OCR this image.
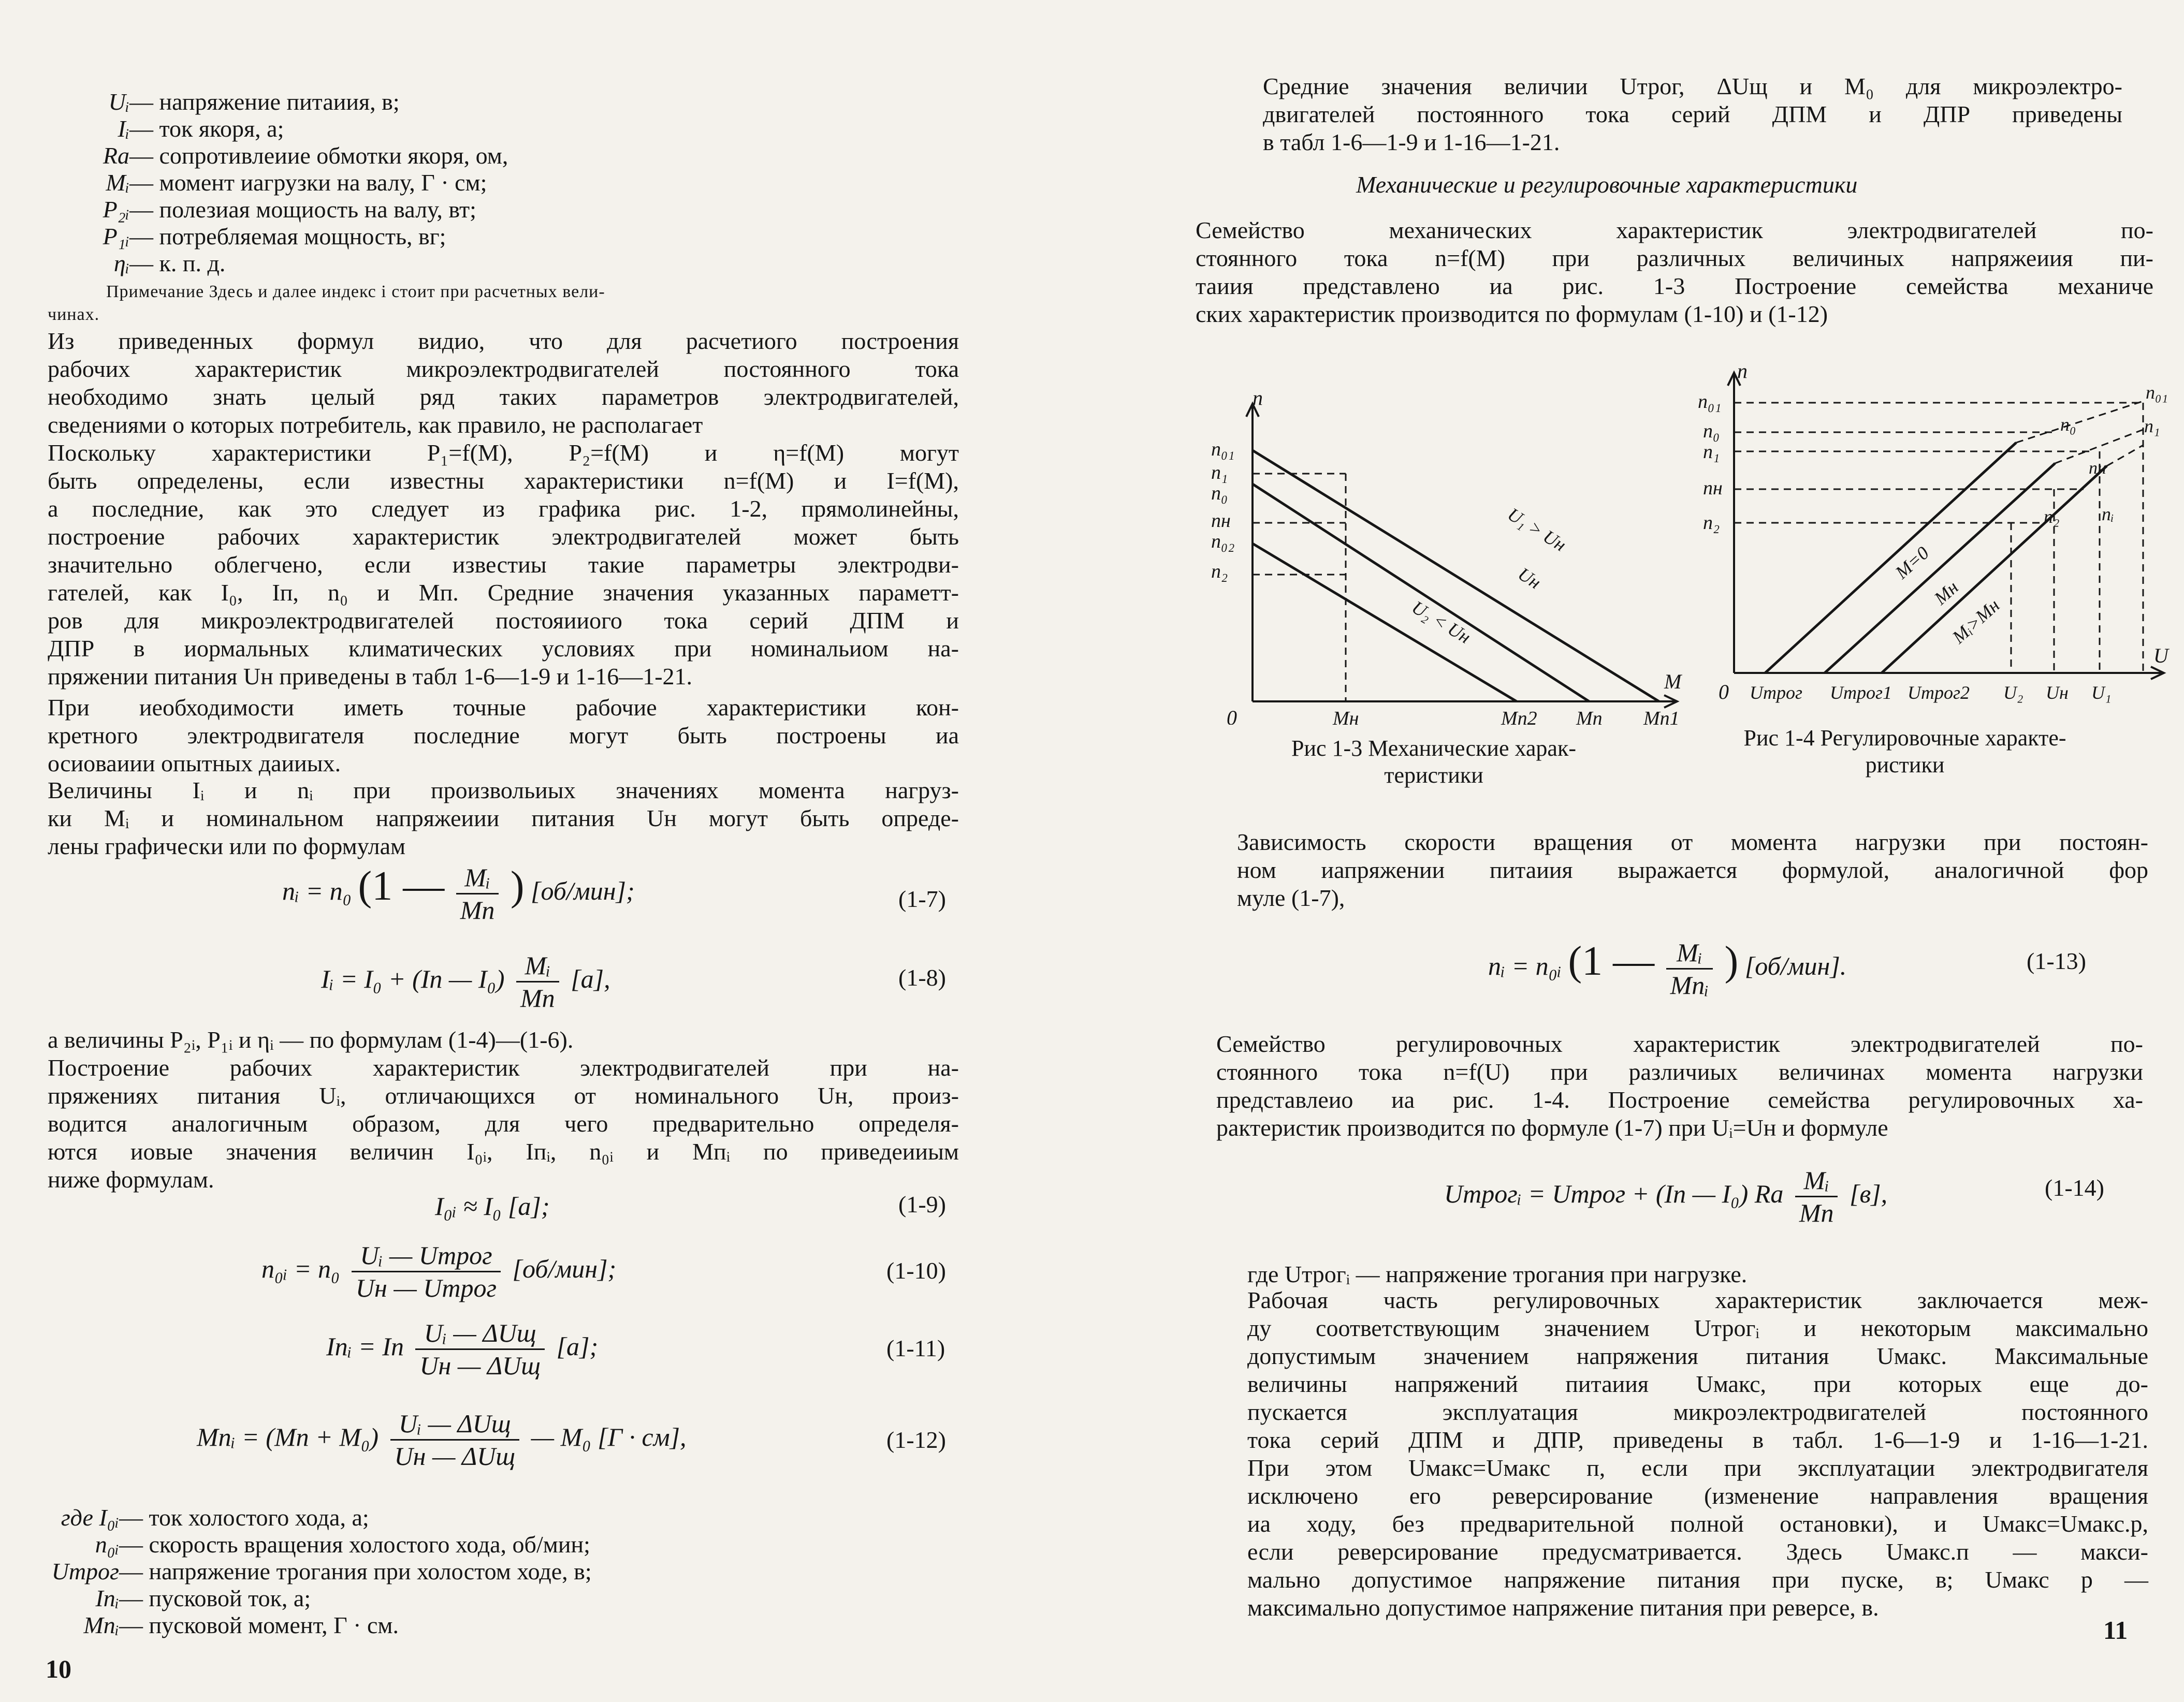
Uᵢ— напряжение питаиия, в;
Iᵢ— ток якоря, а;
Rа— сопротивлеиие обмотки якоря, ом,
Mᵢ— момент иагрузки на валу, Г · см;
P₂ᵢ— полезиая мощиость на валу, вт;
P₁ᵢ— потребляемая мощность, вг;
ηᵢ— к. п. д.
Примечание Здесь и далее индекс i стоит при расчетных вели-
чинах.
Из приведенных формул видио, что для расчетиого построения
рабочих характеристик микроэлектродвигателей постоянного тока
необходимо знать целый ряд таких параметров электродвигателей,
сведениями о которых потребитель, как правило, не располагает
Поскольку характеристики P₁=f(M), P₂=f(M) и η=f(M) могут
быть определены, если известны характеристики n=f(M) и I=f(M),
а последние, как это следует из графика рис. 1-2, прямолинейны,
построение рабочих характеристик электродвигателей может быть
значительно облегчено, если известиы такие параметры электродви-
гателей, как I₀, Iп, n₀ и Mп. Средние значения указанных параметт-
ров для микроэлектродвигателей постояииого тока серий ДПМ и
ДПР в иормальных климатических условиях при номинальиом на-
пряжении питания Uн приведены в табл 1-6—1-9 и 1-16—1-21.
При иеобходимости иметь точные рабочие характеристики кон-
кретного электродвигателя последние могут быть построены иа
осиоваиии опытных даииых.
Величины Iᵢ и nᵢ при произвольиых значениях момента нагруз-
ки Mᵢ и номинальном напряжеиии питания Uн могут быть опреде-
лены графически или по формулам
nᵢ = n₀ (1 — $\frac{\text{Mᵢ}}{Mп}$ ) [об/мин];	(1-7)
Iᵢ = I₀ + (Iп — $I_0) \frac{\text{Mᵢ}}{Mп} [а]$,	(1-8)
а величины P₂ᵢ, P₁ᵢ и ηᵢ — по формулам (1-4)—(1-6).
Построение рабочих характеристик электродвигателей при на-
пряжениях питания Uᵢ, отличающихся от номинального Uн, произ-
водится аналогичным образом, для чего предварительно определя-
ются иовые значения величин I₀ᵢ, Iпᵢ, n₀ᵢ и Mпᵢ по приведеииым
ниже формулам.
I₀ᵢ ≈ I₀ [а];	(1-9)
n₀ᵢ = $n_0 \frac{\text{Uᵢ — Uтрог}}{\text{Uн — Uтрог}} [об/мин]$;	(1-10)
Iпᵢ = Iп $\frac{\text{Uᵢ — ΔUщ}}{\text{Uн — ΔUщ}} [а]$;	(1-11)
Mпᵢ = $(Mп + M_0) \frac{\text{Uᵢ — ΔUщ}}{\text{Uн — ΔUщ}}$ — M₀ [Г · см],	(1-12)
где I₀ᵢ— ток холостого хода, а;
n₀ᵢ— скорость вращения холостого хода, об/мин;
Uтрог— напряжение трогания при холостом ходе, в;
Iпᵢ— пусковой ток, а;
Mпᵢ— пусковой момент, Г · см.
10
Средние значения величии Uтрог, ΔUщ и M₀ для микроэлектро-
двигателей постоянного тока серий ДПМ и ДПР приведены
в табл 1-6—1-9 и 1-16—1-21.
Механические и регулировочные характеристики
Семейство механических характеристик электродвигателей по-
стоянного тока n=f(M) при различных величиных напряжеиия пи-
таиия представлено иа рис. 1-3 Построение семейства механиче
ских характеристик производится по формулам (1-10) и (1-12)
n
M
0
n₀₁
n₁
n₀
nн
n₀₂
n₂
Mн	Mп2 Mп Mп1
U₁ > Uн
Uн
U₂ < Uн
Рис 1-3 Механические харак-
теристики
n
U
0
n₀₁
n₀
n₁
nн
n₂
Uтрог Uтрог1 Uтрог2 U₂ Uн U₁
n₀₁
n₀	n₁
nн
n₂ nᵢ
M=0
Mн
Mᵢ>Mн
Рис 1-4 Регулировочные характе-
ристики
Зависимость скорости вращения от момента нагрузки при постоян-
ном иапряжении питаиия выражается формулой, аналогичной фор
муле (1-7),
nᵢ = n₀ᵢ (1 — $\frac{\text{Mᵢ}}{\text{Mпᵢ}}$ ) [об/мин].	(1-13)
Семейство регулировочных характеристик электродвигателей по-
стоянного тока n=f(U) при различиых величинах момента нагрузки
представлеио иа рис. 1-4. Построение семейства регулировочных ха-
рактеристик производится по формуле (1-7) при Uᵢ=Uн и формуле
Uтрогᵢ = Uтрог + (Iп — I₀) Rа $\frac{\text{Mᵢ}}{Mп} [в]$,	(1-14)
где Uтрогᵢ — напряжение трогания при нагрузке.
Рабочая часть регулировочных характеристик заключается меж-
ду соответствующим значением Uтрогᵢ и некоторым максимально
допустимым значением напряжения питания Uмакс. Максимальные
величины напряжений питаиия Uмакс, при которых еще до-
пускается эксплуатация микроэлектродвигателей постоянного
тока серий ДПМ и ДПР, приведены в табл. 1-6—1-9 и 1-16—1-21.
При этом Uмакс=Uмакс п, если при эксплуатации электродвигателя
исключено его реверсирование (изменение направления вращения
иа ходу, без предварительной полной остановки), и Uмакс=Uмакс.р,
если реверсирование предусматривается. Здесь Uмакс.п — макси-
мально допустимое напряжение питания при пуске, в; Uмакс р —
максимально допустимое напряжение питания при реверсе, в.
11
